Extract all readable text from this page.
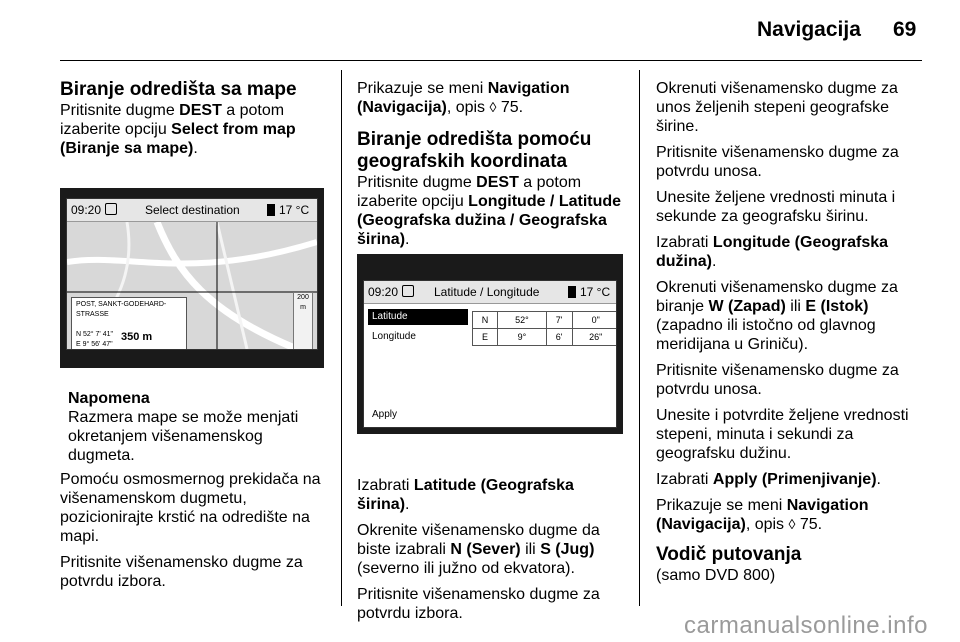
Navigacija 69
Biranje odredišta sa mape

Pritisnite dugme DEST a potom izaberite opciju Select from map (Biranje sa mape).

09:20	Select destination	17 °C
POST, SANKT-GODEHARD-STRASSE

N 52° 7' 41"
E 9° 56' 47"
200 m
350 m
Napomena

Razmera mape se može menjati okretanjem višenamenskog dugmeta.

Pomoću osmosmernog prekidača na višenamenskom dugmetu, pozicionirajte krstić na odredište na mapi.

Pritisnite višenamensko dugme za potvrdu izbora.

Prikazuje se meni Navigation (Navigacija), opis ◊ 75.

Biranje odredišta pomoću geografskih koordinata

Pritisnite dugme DEST a potom izaberite opciju Longitude / Latitude (Geografska dužina / Geografska širina).

09:20	Latitude / Longitude	17 °C
Latitude
Longitude
Apply
N	52°	7'	0"
E	9°	6'	26"

Izabrati Latitude (Geografska širina).

Okrenite višenamensko dugme da biste izabrali N (Sever) ili S (Jug) (severno ili južno od ekvatora).

Pritisnite višenamensko dugme za potvrdu izbora.

Okrenuti višenamensko dugme za unos željenih stepeni geografske širine.

Pritisnite višenamensko dugme za potvrdu unosa.

Unesite željene vrednosti minuta i sekunde za geografsku širinu.

Izabrati Longitude (Geografska dužina).

Okrenuti višenamensko dugme za biranje W (Zapad) ili E (Istok) (zapadno ili istočno od glavnog meridijana u Griniču).

Pritisnite višenamensko dugme za potvrdu unosa.

Unesite i potvrdite željene vrednosti stepeni, minuta i sekundi za geografsku dužinu.

Izabrati Apply (Primenjivanje).

Prikazuje se meni Navigation (Navigacija), opis ◊ 75.

Vodič putovanja

(samo DVD 800)

carmanualsonline.info
